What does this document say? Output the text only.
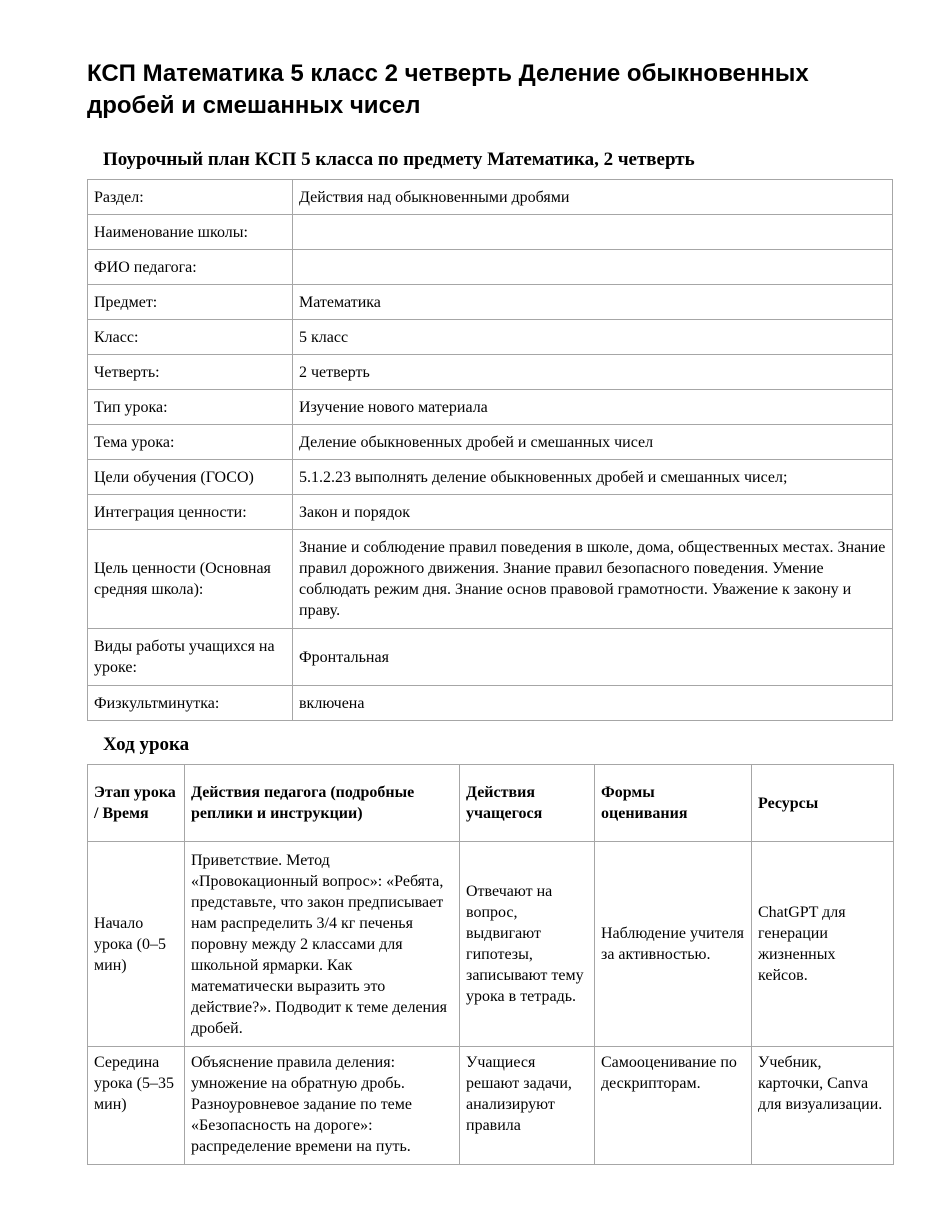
КСП Математика 5 класс 2 четверть Деление обыкновенных дробей и смешанных чисел
Поурочный план КСП 5 класса по предмету Математика, 2 четверть
Раздел:	Действия над обыкновенными дробями
Наименование школы:	
ФИО педагога:	
Предмет:	Математика
Класс:	5 класс
Четверть:	2 четверть
Тип урока:	Изучение нового материала
Тема урока:	Деление обыкновенных дробей и смешанных чисел
Цели обучения (ГОСО)	5.1.2.23 выполнять деление обыкновенных дробей и смешанных чисел;
Интеграция ценности:	Закон и порядок
Цель ценности (Основная средняя школа):	Знание и соблюдение правил поведения в школе, дома, общественных местах. Знание правил дорожного движения. Знание правил безопасного поведения. Умение соблюдать режим дня. Знание основ правовой грамотности. Уважение к закону и праву.
Виды работы учащихся на уроке:	Фронтальная
Физкультминутка:	включена
Ход урока
Этап урока / Время	Действия педагога (подробные реплики и инструкции)	Действия учащегося	Формы оценивания	Ресурсы
Начало урока (0–5 мин)	Приветствие. Метод «Провокационный вопрос»: «Ребята, представьте, что закон предписывает нам распределить 3/4 кг печенья поровну между 2 классами для школьной ярмарки. Как математически выразить это действие?». Подводит к теме деления дробей.	Отвечают на вопрос, выдвигают гипотезы, записывают тему урока в тетрадь.	Наблюдение учителя за активностью.	ChatGPT для генерации жизненных кейсов.
Середина урока (5–35 мин)	Объяснение правила деления: умножение на обратную дробь. Разноуровневое задание по теме «Безопасность на дороге»: распределение времени на путь.	Учащиеся решают задачи, анализируют правила	Самооценивание по дескрипторам.	Учебник, карточки, Canva для визуализации.
